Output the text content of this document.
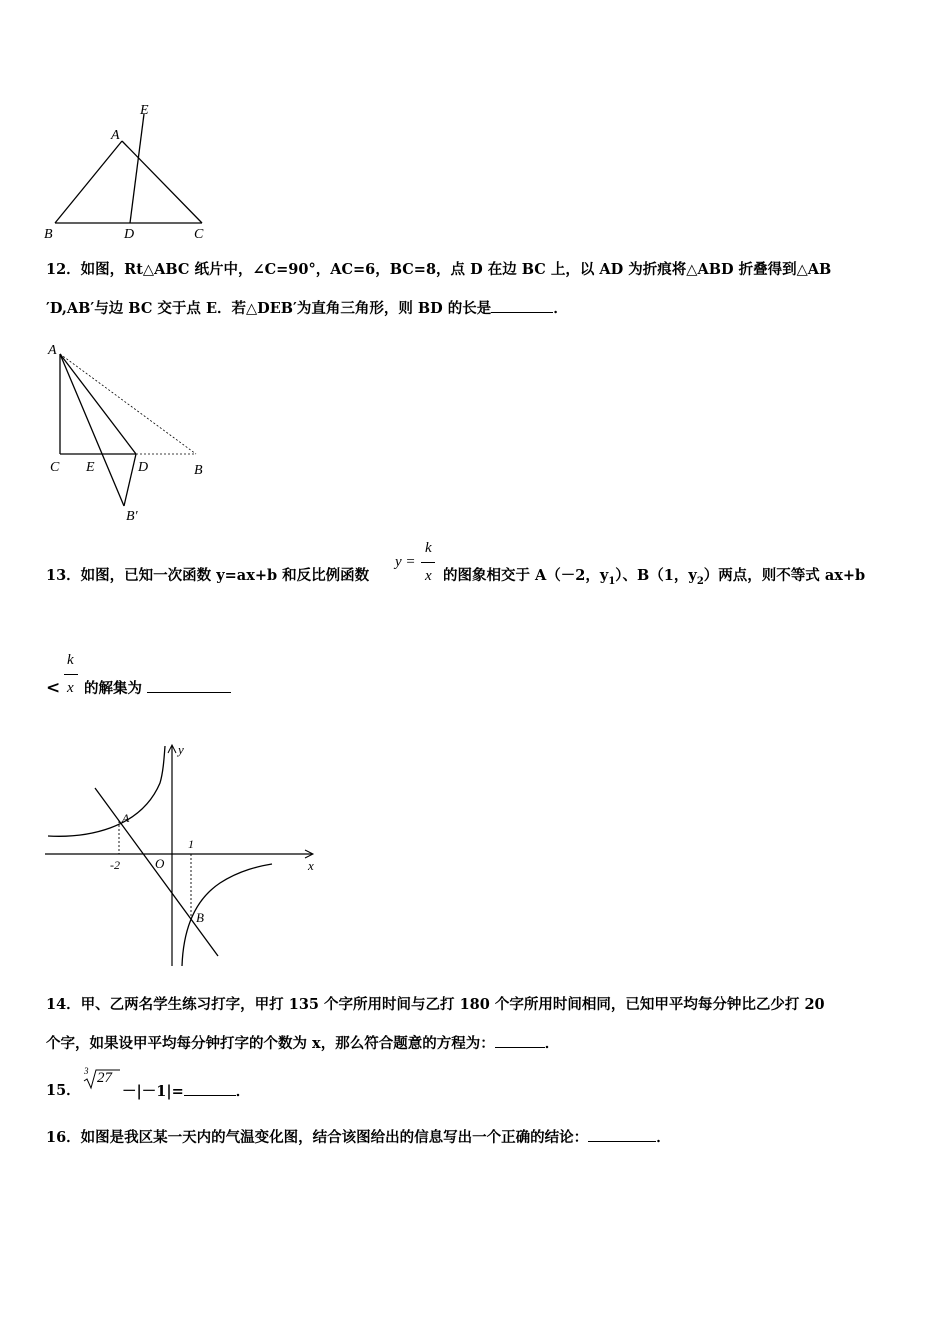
E
A
B	D	C
12．如图，Rt△ABC 纸片中，∠C=90°，AC=6，BC=8，点 D 在边 BC 上，以 AD 为折痕将△ABD 折叠得到△AB
′D,AB′与边 BC 交于点 E．若△DEB′为直角三角形，则 BD 的长是	．
A
C E	D	B
B′
13．如图，已知一次函数 y=ax+b 和反比例函数
y =
k
x 的图象相交于 A（－2，$y_1$）、B（1，$y_2$）两点，则不等式 ax+b
<
k
x 的解集为
y
x
A
B
O
-2
1
14．甲、乙两名学生练习打字，甲打 135 个字所用时间与乙打 180 个字所用时间相同，已知甲平均每分钟比乙少打 20
个字，如果设甲平均每分钟打字的个数为 x，那么符合题意的方程为：	．
15．
3 27
－|－1|=	．
16．如图是我区某一天内的气温变化图，结合该图给出的信息写出一个正确的结论：	．
